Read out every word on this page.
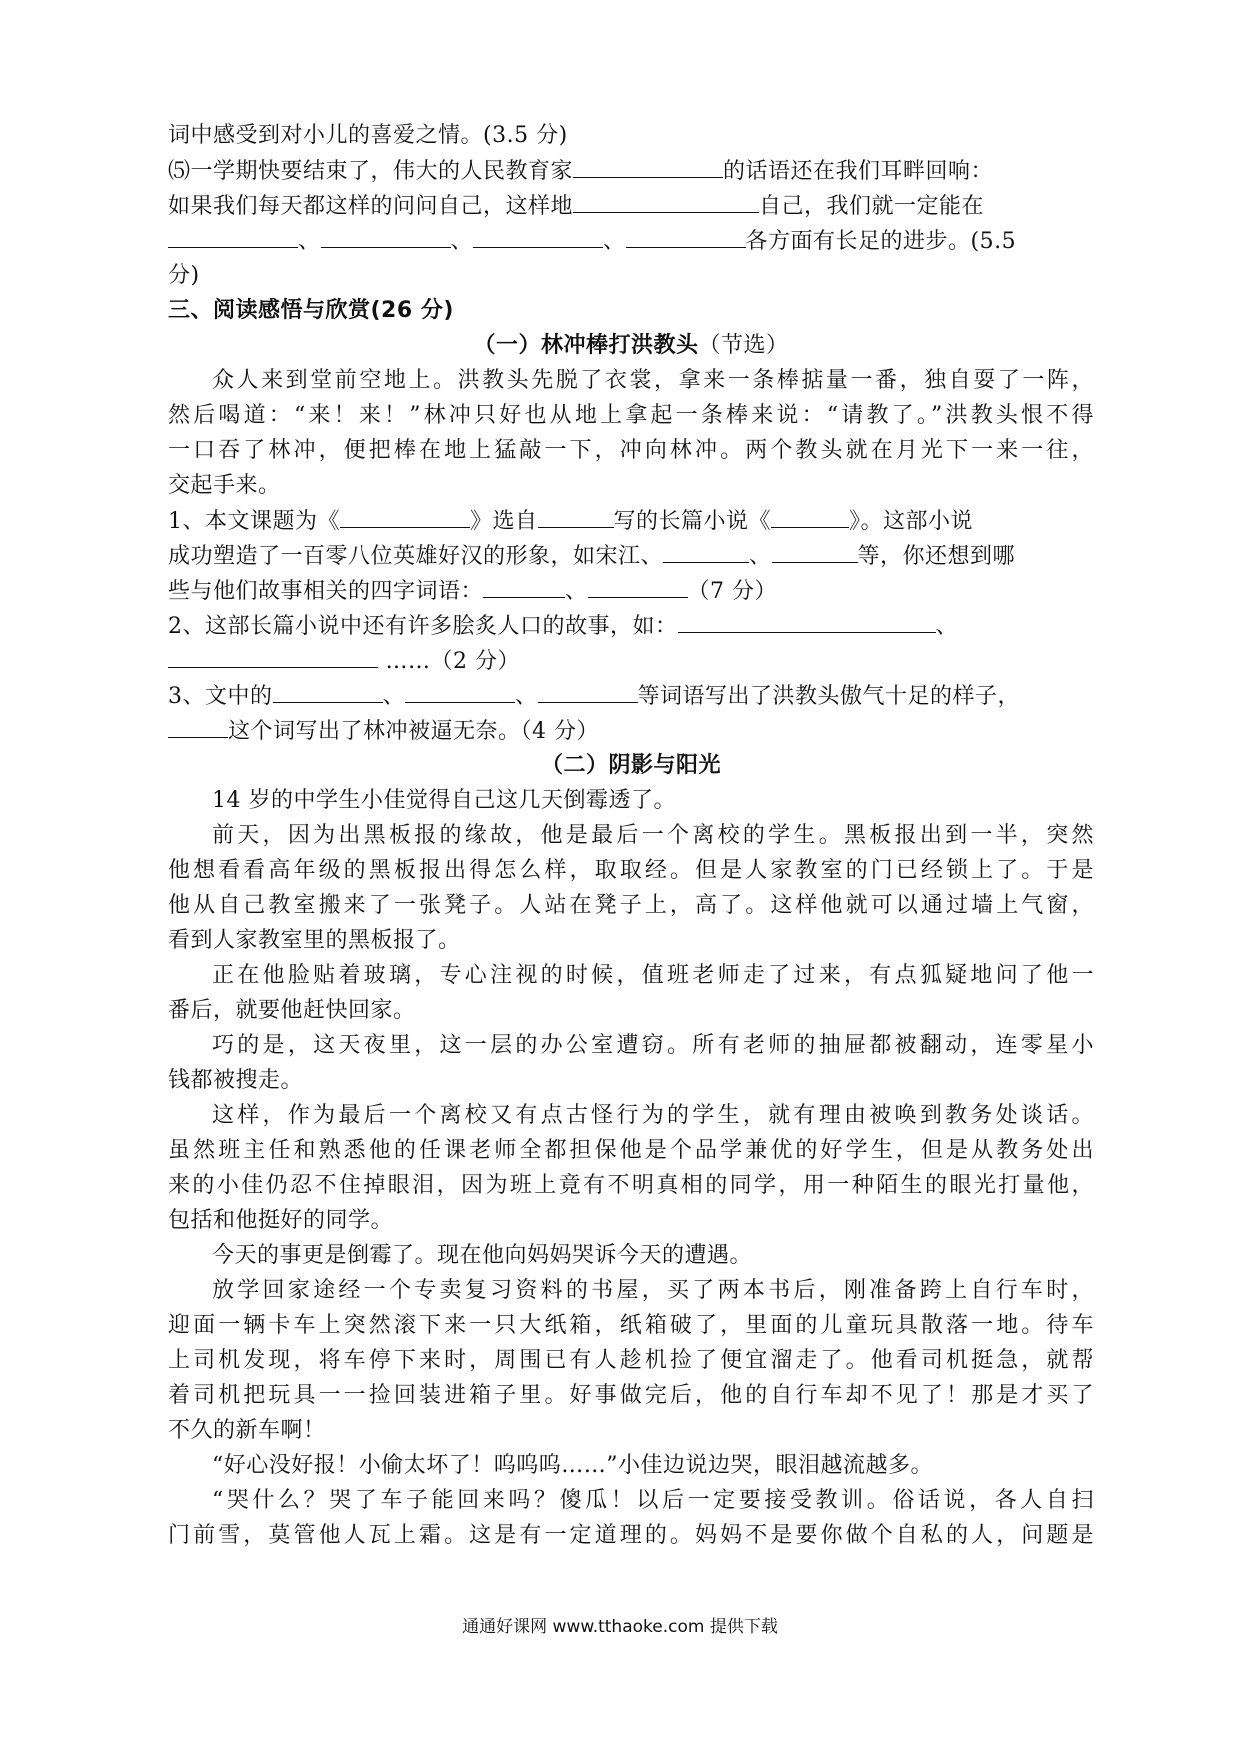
词中感受到对小儿的喜爱之情。(3.5 分)
⑸一学期快要结束了，伟大的人民教育家	的话语还在我们耳畔回响：
如果我们每天都这样的问问自己，这样地	自己，我们就一定能在
、	、	、	各方面有长足的进步。(5.5
分)
三、阅读感悟与欣赏(26 分)
（一）林冲棒打洪教头（节选）
众人来到堂前空地上。洪教头先脱了衣裳，拿来一条棒掂量一番，独自耍了一阵，
然后喝道：“来！来！”林冲只好也从地上拿起一条棒来说：“请教了。”洪教头恨不得
一口吞了林冲，便把棒在地上猛敲一下，冲向林冲。两个教头就在月光下一来一往，
交起手来。
1、本文课题为《	》选自	写的长篇小说《	》。这部小说
成功塑造了一百零八位英雄好汉的形象，如宋江、	、	等，你还想到哪
些与他们故事相关的四字词语：	、	（7 分）
2、这部长篇小说中还有许多脍炙人口的故事，如：	、
……（2 分）
3、文中的	、	、	等词语写出了洪教头傲气十足的样子，
这个词写出了林冲被逼无奈。（4 分）
（二）阴影与阳光
14 岁的中学生小佳觉得自己这几天倒霉透了。
前天，因为出黑板报的缘故，他是最后一个离校的学生。黑板报出到一半，突然
他想看看高年级的黑板报出得怎么样，取取经。但是人家教室的门已经锁上了。于是
他从自己教室搬来了一张凳子。人站在凳子上，高了。这样他就可以通过墙上气窗，
看到人家教室里的黑板报了。
正在他脸贴着玻璃，专心注视的时候，值班老师走了过来，有点狐疑地问了他一
番后，就要他赶快回家。
巧的是，这天夜里，这一层的办公室遭窃。所有老师的抽屉都被翻动，连零星小
钱都被搜走。
这样，作为最后一个离校又有点古怪行为的学生，就有理由被唤到教务处谈话。
虽然班主任和熟悉他的任课老师全都担保他是个品学兼优的好学生，但是从教务处出
来的小佳仍忍不住掉眼泪，因为班上竟有不明真相的同学，用一种陌生的眼光打量他，
包括和他挺好的同学。
今天的事更是倒霉了。现在他向妈妈哭诉今天的遭遇。
放学回家途经一个专卖复习资料的书屋，买了两本书后，刚准备跨上自行车时，
迎面一辆卡车上突然滚下来一只大纸箱，纸箱破了，里面的儿童玩具散落一地。待车
上司机发现，将车停下来时，周围已有人趁机捡了便宜溜走了。他看司机挺急，就帮
着司机把玩具一一捡回装进箱子里。好事做完后，他的自行车却不见了！那是才买了
不久的新车啊！
“好心没好报！小偷太坏了！呜呜呜……”小佳边说边哭，眼泪越流越多。
“哭什么？哭了车子能回来吗？傻瓜！以后一定要接受教训。俗话说，各人自扫
门前雪，莫管他人瓦上霜。这是有一定道理的。妈妈不是要你做个自私的人，问题是
通通好课网 www.tthaoke.com 提供下载
